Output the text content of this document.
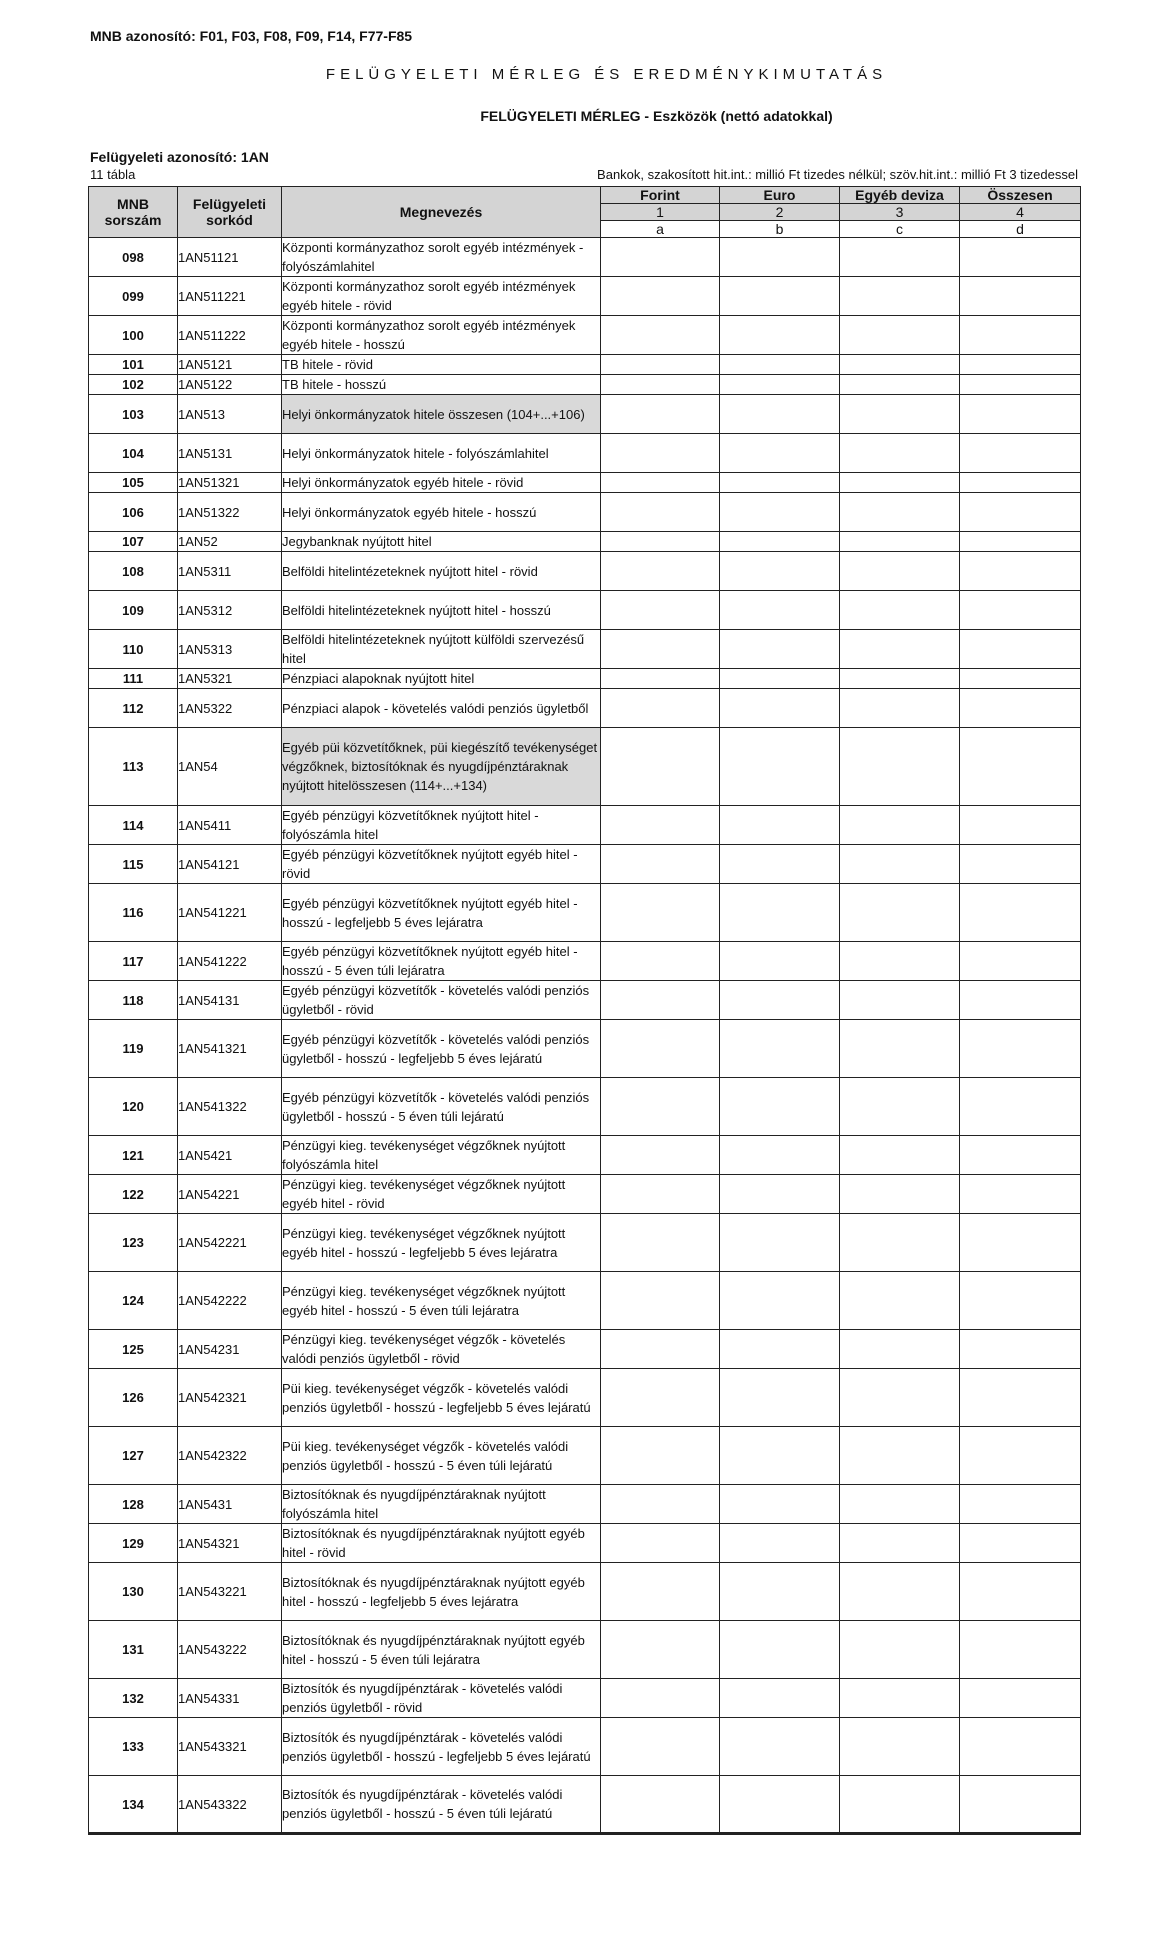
MNB azonosító: F01, F03, F08, F09, F14, F77-F85
FELÜGYELETI MÉRLEG ÉS EREDMÉNYKIMUTATÁS
FELÜGYELETI MÉRLEG - Eszközök (nettó adatokkal)
Felügyeleti azonosító: 1AN
11 tábla	Bankok, szakosított hit.int.: millió Ft tizedes nélkül; szöv.hit.int.: millió Ft 3 tizedessel
MNB sorszám	Felügyeleti sorkód	Megnevezés	Forint	Euro	Egyéb deviza	Összesen
			1	2	3	4
			a	b	c	d
098	1AN51121	Központi kormányzathoz sorolt egyéb intézmények - folyószámlahitel				
099	1AN511221	Központi kormányzathoz sorolt egyéb intézmények egyéb hitele - rövid				
100	1AN511222	Központi kormányzathoz sorolt egyéb intézmények egyéb hitele - hosszú				
101	1AN5121	TB hitele - rövid				
102	1AN5122	TB hitele - hosszú				
103	1AN513	Helyi önkormányzatok hitele összesen (104+...+106)				
104	1AN5131	Helyi önkormányzatok hitele - folyószámlahitel				
105	1AN51321	Helyi önkormányzatok egyéb hitele - rövid				
106	1AN51322	Helyi önkormányzatok egyéb hitele - hosszú				
107	1AN52	Jegybanknak nyújtott hitel				
108	1AN5311	Belföldi hitelintézeteknek nyújtott hitel - rövid				
109	1AN5312	Belföldi hitelintézeteknek nyújtott hitel - hosszú				
110	1AN5313	Belföldi hitelintézeteknek nyújtott külföldi szervezésű hitel				
111	1AN5321	Pénzpiaci alapoknak nyújtott hitel				
112	1AN5322	Pénzpiaci alapok - követelés valódi penziós ügyletből				
113	1AN54	Egyéb püi közvetítőknek, püi kiegészítő tevékenységet végzőknek, biztosítóknak és nyugdíjpénztáraknak nyújtott hitelösszesen (114+...+134)				
114	1AN5411	Egyéb pénzügyi közvetítőknek nyújtott hitel - folyószámla hitel				
115	1AN54121	Egyéb pénzügyi közvetítőknek nyújtott egyéb hitel - rövid				
116	1AN541221	Egyéb pénzügyi közvetítőknek nyújtott egyéb hitel - hosszú - legfeljebb 5 éves lejáratra				
117	1AN541222	Egyéb pénzügyi közvetítőknek nyújtott egyéb hitel - hosszú - 5 éven túli lejáratra				
118	1AN54131	Egyéb pénzügyi közvetítők - követelés valódi penziós ügyletből - rövid				
119	1AN541321	Egyéb pénzügyi közvetítők - követelés valódi penziós ügyletből - hosszú - legfeljebb 5 éves lejáratú				
120	1AN541322	Egyéb pénzügyi közvetítők - követelés valódi penziós ügyletből - hosszú - 5 éven túli lejáratú				
121	1AN5421	Pénzügyi kieg. tevékenységet végzőknek nyújtott folyószámla hitel				
122	1AN54221	Pénzügyi kieg. tevékenységet végzőknek nyújtott egyéb hitel - rövid				
123	1AN542221	Pénzügyi kieg. tevékenységet végzőknek nyújtott egyéb hitel - hosszú - legfeljebb 5 éves lejáratra				
124	1AN542222	Pénzügyi kieg. tevékenységet végzőknek nyújtott egyéb hitel - hosszú - 5 éven túli lejáratra				
125	1AN54231	Pénzügyi kieg. tevékenységet végzők - követelés valódi penziós ügyletből - rövid				
126	1AN542321	Püi kieg. tevékenységet végzők - követelés valódi penziós ügyletből - hosszú - legfeljebb 5 éves lejáratú				
127	1AN542322	Püi kieg. tevékenységet végzők - követelés valódi penziós ügyletből - hosszú - 5 éven túli lejáratú				
128	1AN5431	Biztosítóknak és nyugdíjpénztáraknak nyújtott folyószámla hitel				
129	1AN54321	Biztosítóknak és nyugdíjpénztáraknak nyújtott egyéb hitel - rövid				
130	1AN543221	Biztosítóknak és nyugdíjpénztáraknak nyújtott egyéb hitel - hosszú - legfeljebb 5 éves lejáratra				
131	1AN543222	Biztosítóknak és nyugdíjpénztáraknak nyújtott egyéb hitel - hosszú - 5 éven túli lejáratra				
132	1AN54331	Biztosítók és nyugdíjpénztárak - követelés valódi penziós ügyletből - rövid				
133	1AN543321	Biztosítók és nyugdíjpénztárak - követelés valódi penziós ügyletből - hosszú - legfeljebb 5 éves lejáratú				
134	1AN543322	Biztosítók és nyugdíjpénztárak - követelés valódi penziós ügyletből - hosszú - 5 éven túli lejáratú				
